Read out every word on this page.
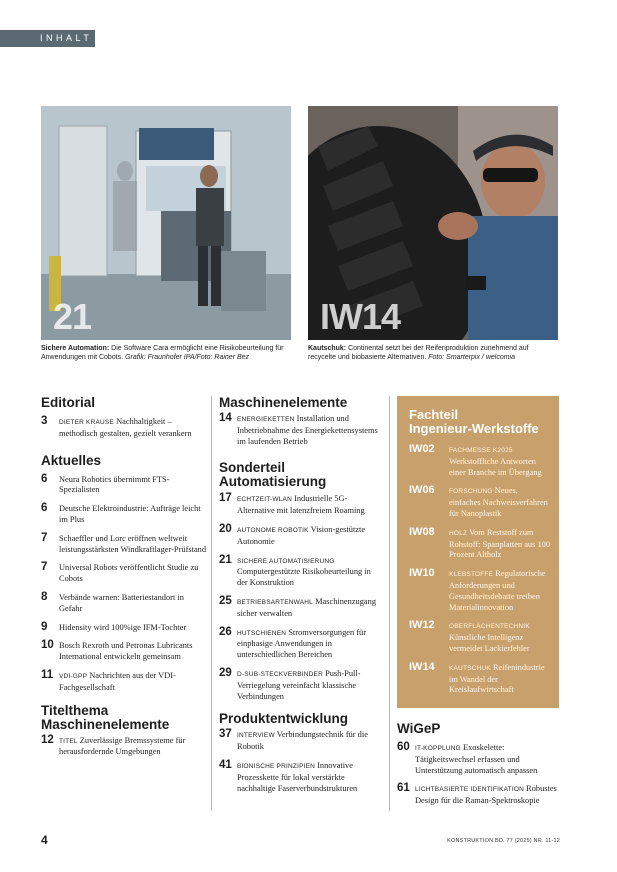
INHALT
21	IW14
Sichere Automation: Die Software Cara ermöglicht eine Risikobeurteilung für Anwendungen mit Cobots. Grafik: Fraunhofer IPA/Foto: Rainer Bez
Kautschuk: Continental setzt bei der Reifenproduktion zunehmend auf recycelte und biobasierte Alternativen. Foto: Smarterpix / welcomia
Editorial
3 DIETER KRAUSE Nachhaltigkeit – methodisch gestalten, gezielt verankern
Aktuelles
6 Neura Robotics übernimmt FTS-Spezialisten
6 Deutsche Elektroindustrie: Aufträge leicht im Plus
7 Schaeffler und Lorc eröffnen weltweit leistungsstärksten Windkraftlager-Prüfstand
7 Universal Robots veröffentlicht Studie zu Cobots
8 Verbände warnen: Batteriestandort in Gefahr
9 Hidensity wird 100%ige IFM-Tochter
10 Bosch Rexroth und Petronas Lubricants International entwickeln gemeinsam
11 VDI-GPP Nachrichten aus der VDI-Fachgesellschaft
Titelthema
Maschinenelemente
12 TITEL Zuverlässige Bremssysteme für herausfordernde Umgebungen
Maschinenelemente
14 ENERGIEKETTEN Installation und Inbetriebnahme des Energiekettensystems im laufenden Betrieb
Sonderteil
Automatisierung
17 ECHTZEIT-WLAN Industrielle 5G-Alternative mit latenzfreiem Roaming
20 AUTONOME ROBOTIK Vision-gestützte Autonomie
21 SICHERE AUTOMATISIERUNG Computergestützte Risikobeurteilung in der Konstruktion
25 BETRIEBSARTENWAHL Maschinenzugang sicher verwalten
26 HUTSCHIENEN Stromversorgungen für einphasige Anwendungen in unterschiedlichen Bereichen
29 D-SUB-STECKVERBINDER Push-Pull-Verriegelung vereinfacht klassische Verbindungen
Produktentwicklung
37 INTERVIEW Verbindungstechnik für die Robotik
41 BIONISCHE PRINZIPIEN Innovative Prozesskette für lokal verstärkte nachhaltige Faserverbundstrukturen
Fachteil
Ingenieur-Werkstoffe
IW02 FACHMESSE K2025 Werkstoffliche Antworten einer Branche im Übergang
IW06 FORSCHUNG Neues, einfaches Nachweisverfahren für Nanoplastik
IW08 HOLZ Vom Reststoff zum Rohstoff: Spanplatten aus 100 Prozent Altholz
IW10 KLEBSTOFFE Regulatorische Anforderungen und Gesundheitsdebatte treiben Materialinnovation
IW12 OBERFLÄCHENTECHNIK Künstliche Intelligenz vermeidet Lackierfehler
IW14 KAUTSCHUK Reifenindustrie im Wandel der Kreislaufwirtschaft
WiGeP
60 IT-KOPPLUNG Exoskelette: Tätigkeitswechsel erfassen und Unterstützung automatisch anpassen
61 LICHTBASIERTE IDENTIFIKATION Robustes Design für die Raman-Spektroskopie
4	KONSTRUKTION BD. 77 (2025) NR. 11-12
